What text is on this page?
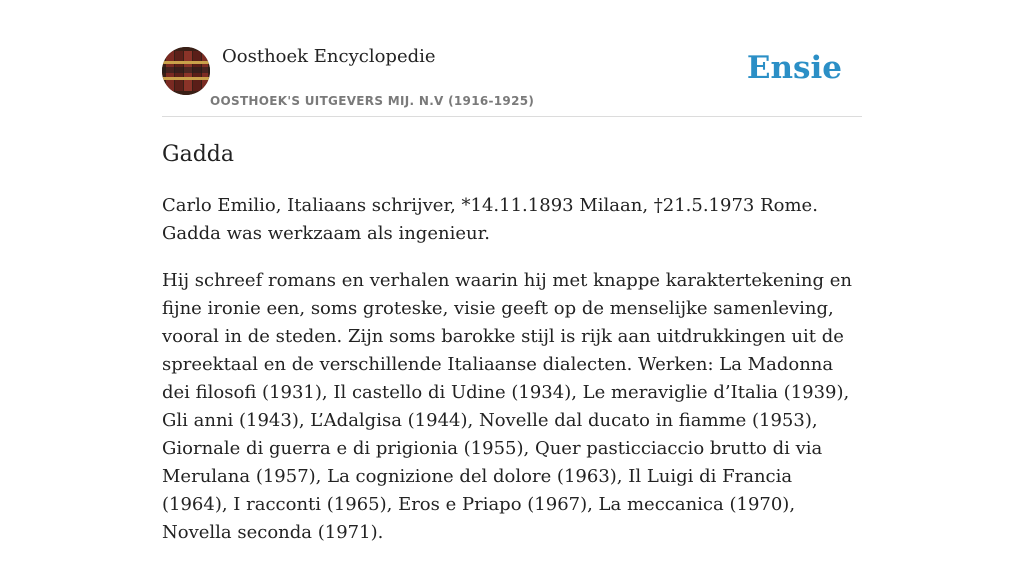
Oosthoek Encyclopedie
OOSTHOEK'S UITGEVERS MIJ. N.V (1916-1925)
Ensie
Gadda

Carlo Emilio, Italiaans schrijver, *14.11.1893 Milaan, †21.5.1973 Rome. Gadda was werkzaam als ingenieur.

Hij schreef romans en verhalen waarin hij met knappe karaktertekening en fijne ironie een, soms groteske, visie geeft op de menselijke samenleving, vooral in de steden. Zijn soms barokke stijl is rijk aan uitdrukkingen uit de spreektaal en de verschillende Italiaanse dialecten. Werken: La Madonna dei filosofi (1931), Il castello di Udine (1934), Le meraviglie d’Italia (1939), Gli anni (1943), L’Adalgisa (1944), Novelle dal ducato in fiamme (1953), Giornale di guerra e di prigionia (1955), Quer pasticciaccio brutto di via Merulana (1957), La cognizione del dolore (1963), Il Luigi di Francia (1964), I racconti (1965), Eros e Priapo (1967), La meccanica (1970), Novella seconda (1971).
